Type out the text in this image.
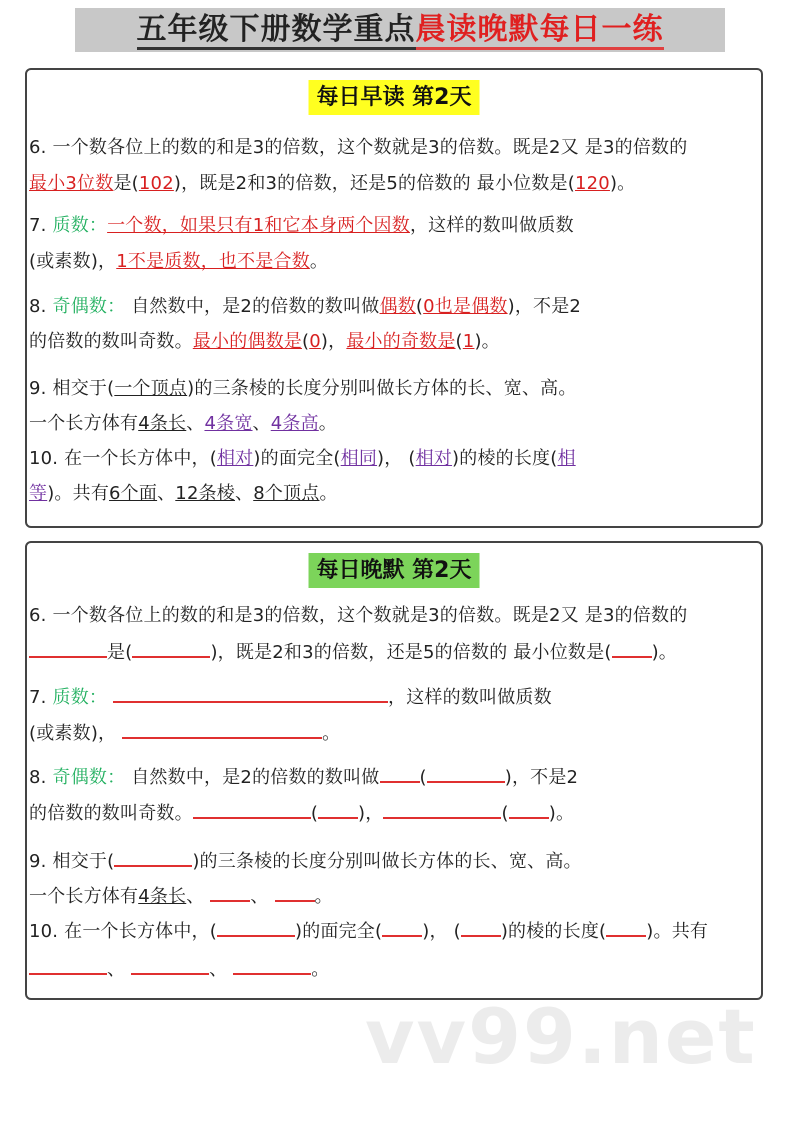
五年级下册数学重点晨读晚默每日一练
每日早读 第2天
6. 一个数各位上的数的和是3的倍数，这个数就是3的倍数。既是2又 是3的倍数的
最小3位数是(102)，既是2和3的倍数，还是5的倍数的 最小位数是(120)。
7. 质数：一个数，如果只有1和它本身两个因数，这样的数叫做质数
(或素数)，1不是质数，也不是合数。
8. 奇偶数： 自然数中，是2的倍数的数叫做偶数(0也是偶数)，不是2
的倍数的数叫奇数。最小的偶数是(0)，最小的奇数是(1)。
9. 相交于(一个顶点)的三条棱的长度分别叫做长方体的长、宽、高。
一个长方体有4条长、4条宽、4条高。
10. 在一个长方体中，(相对)的面完全(相同)， (相对)的棱的长度(相
等)。共有6个面、12条棱、8个顶点。
每日晚默 第2天
6. 一个数各位上的数的和是3的倍数，这个数就是3的倍数。既是2又 是3的倍数的
是(	)，既是2和3的倍数，还是5的倍数的 最小位数是( )。
7. 质数：	，这样的数叫做质数
(或素数)，	。
8. 奇偶数： 自然数中，是2的倍数的数叫做 (	)，不是2
的倍数的数叫奇数。	( )，	( )。
9. 相交于(	)的三条棱的长度分别叫做长方体的长、宽、高。
一个长方体有4条长、 、 。
10. 在一个长方体中，(	)的面完全( )， ( )的棱的长度( )。共有
、	、	。
vv99.net
